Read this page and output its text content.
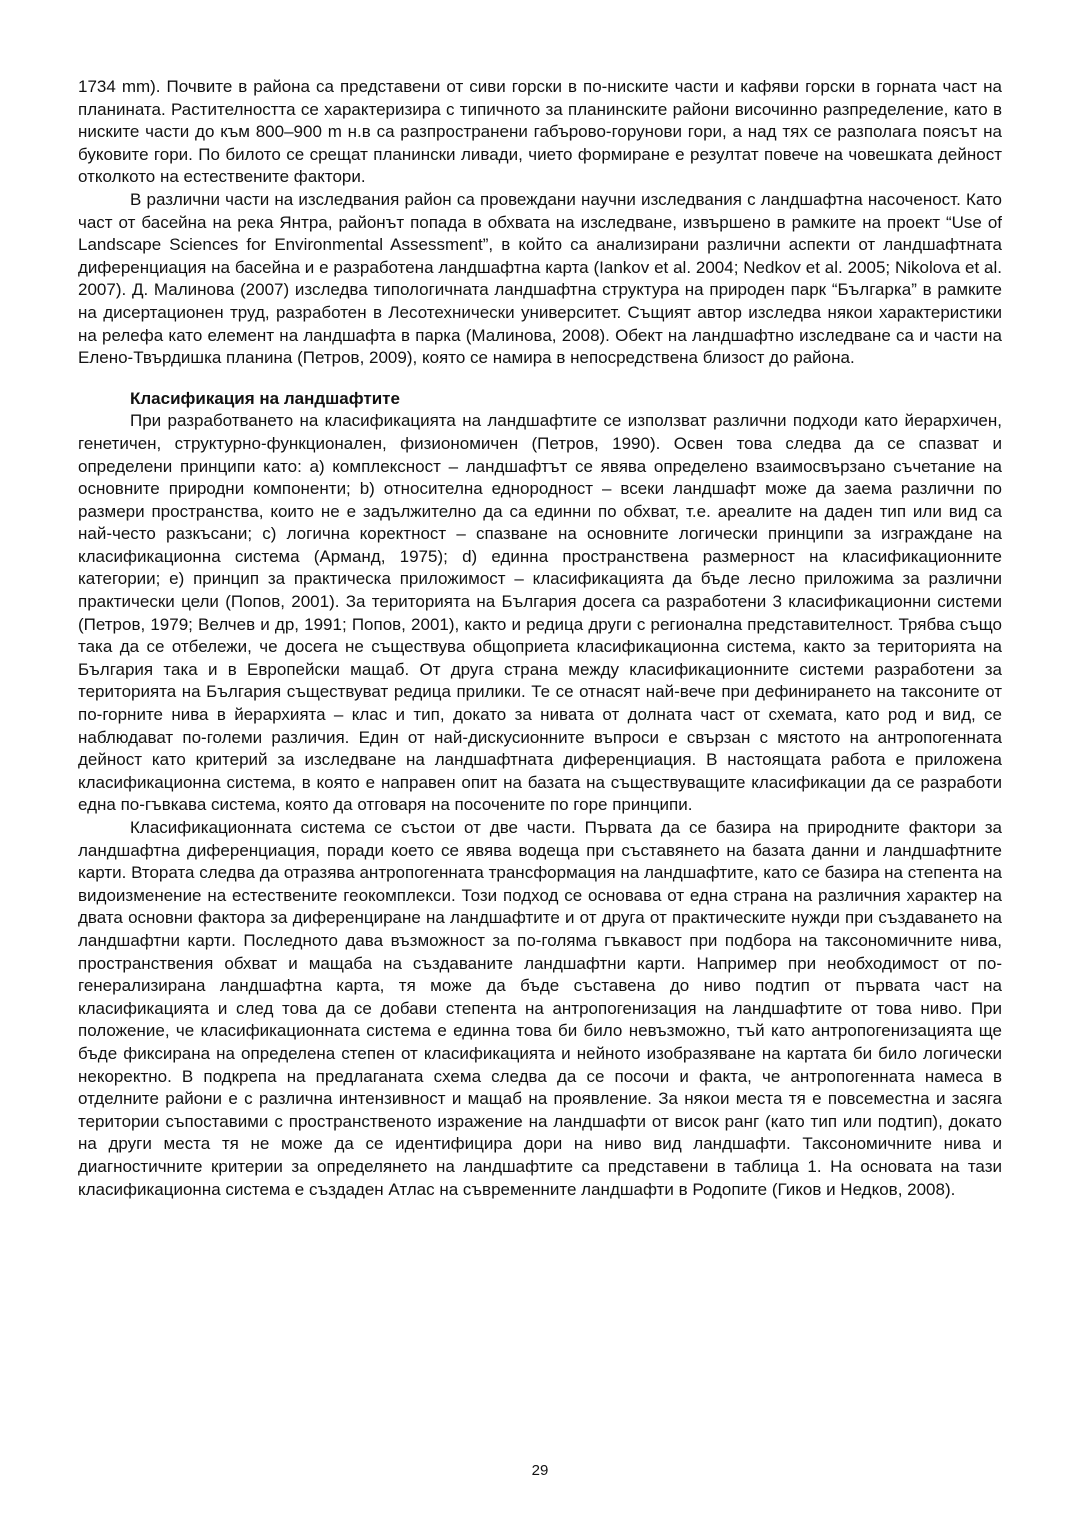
1734 mm). Почвите в района са представени от сиви горски в по-ниските части и кафяви горски в горната част на планината. Растителността се характеризира с типичното за планинските райони височинно разпределение, като в ниските части до към 800–900 m н.в са разпространени габърово-горунови гори, а над тях се разполага поясът на буковите гори. По билото се срещат планински ливади, чието формиране е резултат повече на човешката дейност отколкото на естествените фактори.

В различни части на изследвания район са провеждани научни изследвания с ландшафтна насоченост. Като част от басейна на река Янтра, районът попада в обхвата на изследване, извършено в рамките на проект “Use of Landscape Sciences for Environmental Assessment”, в който са анализирани различни аспекти от ландшафтната диференциация на басейна и е разработена ландшафтна карта (Iankov et al. 2004; Nedkov et al. 2005; Nikolova et al. 2007). Д. Малинова (2007) изследва типологичната ландшафтна структура на природен парк “Българка” в рамките на дисертационен труд, разработен в Лесотехнически университет. Същият автор изследва някои характеристики на релефа като елемент на ландшафта в парка (Малинова, 2008). Обект на ландшафтно изследване са и части на Елено-Твърдишка планина (Петров, 2009), която се намира в непосредствена близост до района.

Класификация на ландшафтите

При разработването на класификацията на ландшафтите се използват различни подходи като йерархичен, генетичен, структурно-функционален, физиономичен (Петров, 1990). Освен това следва да се спазват и определени принципи като: а) комплексност – ландшафтът се явява определено взаимосвързано съчетание на основните природни компоненти; b) относителна еднородност – всеки ландшафт може да заема различни по размери пространства, които не е задължително да са единни по обхват, т.е. ареалите на даден тип или вид са най-често разкъсани; c) логична коректност – спазване на основните логически принципи за изграждане на класификационна система (Арманд, 1975); d) единна пространствена размерност на класификационните категории; e) принцип за практическа приложимост – класификацията да бъде лесно приложима за различни практически цели (Попов, 2001). За територията на България досега са разработени 3 класификационни системи (Петров, 1979; Велчев и др, 1991; Попов, 2001), както и редица други с регионална представителност. Трябва също така да се отбележи, че досега не съществува общоприета класификационна система, както за територията на България така и в Европейски мащаб. От друга страна между класификационните системи разработени за територията на България съществуват редица прилики. Те се отнасят най-вече при дефинирането на таксоните от по-горните нива в йерархията – клас и тип, докато за нивата от долната част от схемата, като род и вид, се наблюдават по-големи различия. Един от най-дискусионните въпроси е свързан с мястото на антропогенната дейност като критерий за изследване на ландшафтната диференциация. В настоящата работа е приложена класификационна система, в която е направен опит на базата на съществуващите класификации да се разработи една по-гъвкава система, която да отговаря на посочените по горе принципи.

Класификационната система се състои от две части. Първата да се базира на природните фактори за ландшафтна диференциация, поради което се явява водеща при съставянето на базата данни и ландшафтните карти. Втората следва да отразява антропогенната трансформация на ландшафтите, като се базира на степента на видоизменение на естествените геокомплекси. Този подход се основава от една страна на различния характер на двата основни фактора за диференциране на ландшафтите и от друга от практическите нужди при създаването на ландшафтни карти. Последното дава възможност за по-голяма гъвкавост при подбора на таксономичните нива, пространствения обхват и мащаба на създаваните ландшафтни карти. Например при необходимост от по-генерализирана ландшафтна карта, тя може да бъде съставена до ниво подтип от първата част на класификацията и след това да се добави степента на антропогенизация на ландшафтите от това ниво. При положение, че класификационната система е единна това би било невъзможно, тъй като антропогенизацията ще бъде фиксирана на определена степен от класификацията и нейното изобразяване на картата би било логически некоректно. В подкрепа на предлаганата схема следва да се посочи и факта, че антропогенната намеса в отделните райони е с различна интензивност и мащаб на проявление. За някои места тя е повсеместна и засяга територии съпоставими с пространственото изражение на ландшафти от висок ранг (като тип или подтип), докато на други места тя не може да се идентифицира дори на ниво вид ландшафти. Таксономичните нива и диагностичните критерии за определянето на ландшафтите са представени в таблица 1. На основата на тази класификационна система е създаден Атлас на съвременните ландшафти в Родопите (Гиков и Недков, 2008).

29
